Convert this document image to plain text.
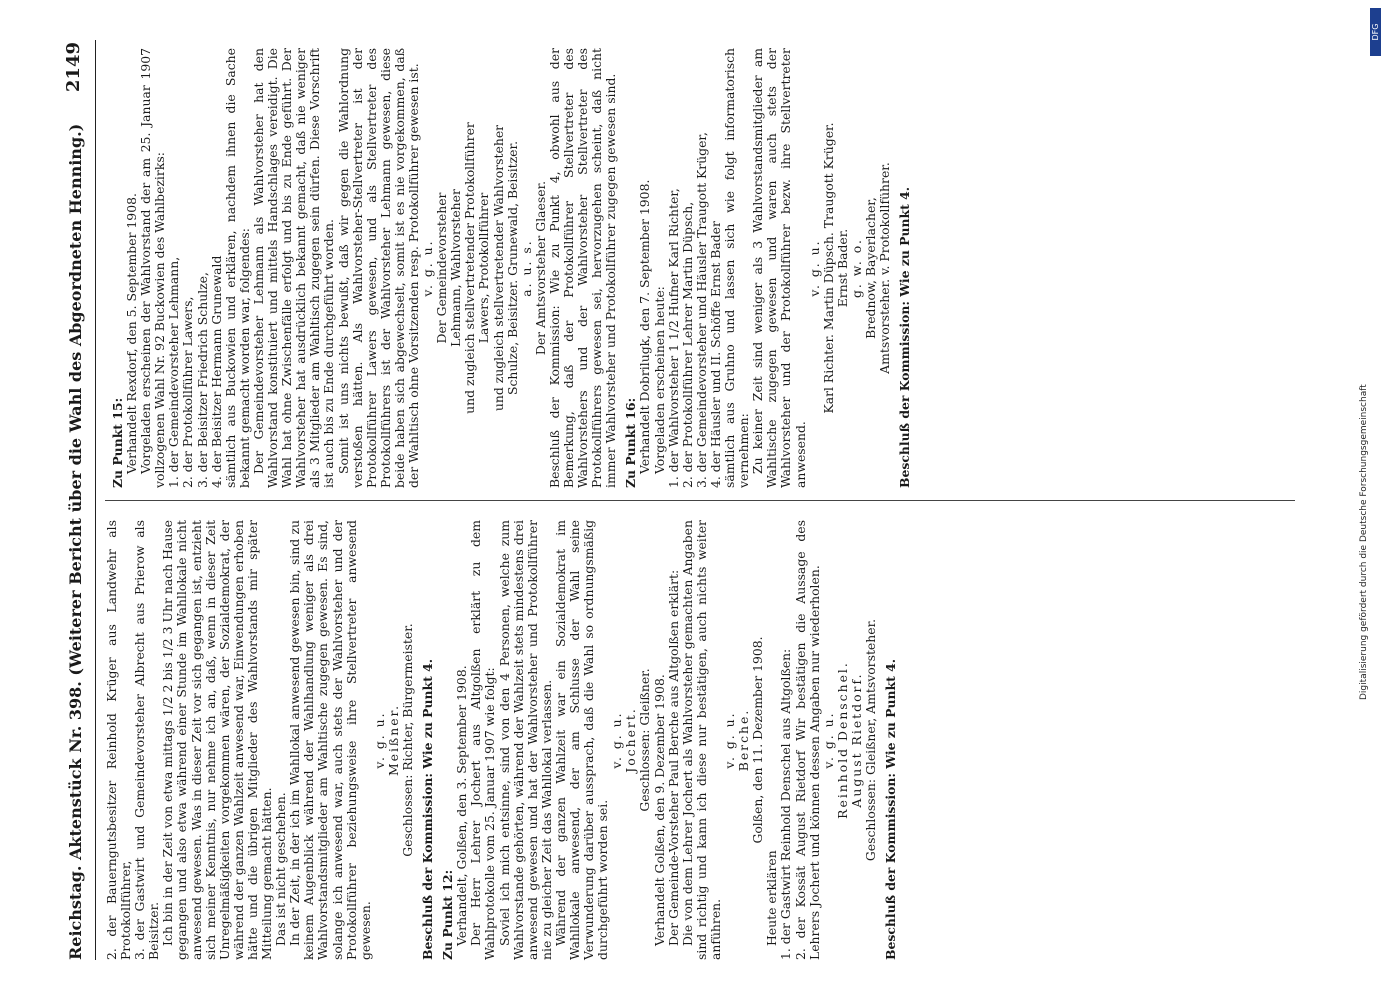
Reichstag. Aktenstück Nr. 398. (Weiterer Bericht über die Wahl des Abgeordneten Henning.)
2149

2. der Bauerngutsbesitzer Reinhold Krüger aus Landwehr als Protokollführer, 3. der Gastwirt und Gemeindevorsteher Albrecht aus Prierow als Beisitzer. Ich bin in der Zeit von etwa mittags 1/2 2 bis 1/2 3 Uhr nach Hause gegangen und also etwa während einer Stunde im Wahllokale nicht anwesend gewesen. Was in dieser Zeit vor sich gegangen ist, entzieht sich meiner Kenntnis, nur nehme ich an, daß, wenn in dieser Zeit Unregelmäßigkeiten vorgekommen wären, der Sozialdemokrat, der während der ganzen Wahlzeit anwesend war, Einwendungen erhoben hätte und die übrigen Mitglieder des Wahlvorstands mir später Mitteilung gemacht hätten. Das ist nicht geschehen. In der Zeit, in der ich im Wahllokal anwesend gewesen bin, sind zu keinem Augenblick während der Wahlhandlung weniger als drei Wahlvorstandsmitglieder am Wahltische zugegen gewesen. Es sind, solange ich anwesend war, auch stets der Wahlvorsteher und der Protokollführer beziehungsweise ihre Stellvertreter anwesend gewesen.

v. g. u. Meißner. Geschlossen: Richter, Bürgermeister. Beschluß der Kommission: Wie zu Punkt 4. Zu Punkt 12: Verhandelt, Golßen, den 3. September 1908. Der Herr Lehrer Jochert aus Altgolßen erklärt zu dem Wahlprotokolle vom 25. Januar 1907 wie folgt: Soviel ich mich entsinne, sind von den 4 Personen, welche zum Wahlvorstande gehörten, während der Wahlzeit stets mindestens drei anwesend gewesen und hat der Wahlvorsteher und Protokollführer nie zu gleicher Zeit das Wahllokal verlassen. Während der ganzen Wahlzeit war ein Sozialdemokrat im Wahllokale anwesend, der am Schlusse der Wahl seine Verwunderung darüber aussprach, daß die Wahl so ordnungsmäßig durchgeführt worden sei.

v. g. u. Jochert. Geschlossen: Gleißner. Verhandelt Golßen, den 9. Dezember 1908. Der Gemeinde-Vorsteher Paul Berche aus Altgolßen erklärt: Die von dem Lehrer Jochert als Wahlvorsteher gemachten Angaben sind richtig und kann ich diese nur bestätigen, auch nichts weiter anführen.

v. g. u. Berche. Golßen, den 11. Dezember 1908.

Heute erklären 1. der Gastwirt Reinhold Denschel aus Altgolßen: 2. der Kossät August Rietdorf Wir bestätigen die Aussage des Lehrers Jochert und können dessen Angaben nur wiederholen. v. g. u. Reinhold Denschel. August Rietdorf. Geschlossen: Gleißner, Amtsvorsteher. Beschluß der Kommission: Wie zu Punkt 4.

Zu Punkt 15: Verhandelt Rexdorf, den 5. September 1908. Vorgeladen erscheinen der Wahlvorstand der am 25. Januar 1907 vollzogenen Wahl Nr. 92 Buckowien des Wahlbezirks: 1. der Gemeindevorsteher Lehmann, 2. der Protokollführer Lawers, 3. der Beisitzer Friedrich Schulze, 4. der Beisitzer Hermann Grunewald sämtlich aus Buckowien und erklären, nachdem ihnen die Sache bekannt gemacht worden war, folgendes: Der Gemeindevorsteher Lehmann als Wahlvorsteher hat den Wahlvorstand konstituiert und mittels Handschlages vereidigt. Die Wahl hat ohne Zwischenfälle erfolgt und bis zu Ende geführt. Der Wahlvorsteher hat ausdrücklich bekannt gemacht, daß nie weniger als 3 Mitglieder am Wahltisch zugegen sein dürfen. Diese Vorschrift ist auch bis zu Ende durchgeführt worden. Somit ist uns nichts bewußt, daß wir gegen die Wahlordnung verstoßen hätten. Als Wahlvorsteher-Stellvertreter ist der Protokollführer Lawers gewesen, und als Stellvertreter des Protokollführers ist der Wahlvorsteher Lehmann gewesen, diese beide haben sich abgewechselt, somit ist es nie vorgekommen, daß der Wahltisch ohne Vorsitzenden resp. Protokollführer gewesen ist. v. g. u. Der Gemeindevorsteher Lehmann, Wahlvorsteher und zugleich stellvertretender Protokollführer Lawers, Protokollführer und zugleich stellvertretender Wahlvorsteher Schulze, Beisitzer. Grunewald, Beisitzer. a. u. s. Der Amtsvorsteher Glaeser. Beschluß der Kommission: Wie zu Punkt 4, obwohl aus der Bemerkung, daß der Protokollführer Stellvertreter des Wahlvorstehers und der Wahlvorsteher Stellvertreter des Protokollführers gewesen sei, hervorzugehen scheint, daß nicht immer Wahlvorsteher und Protokollführer zugegen gewesen sind. Zu Punkt 16: Verhandelt Dobrilugk, den 7. September 1908. Vorgeladen erscheinen heute: 1. der Wahlvorsteher 1 1/2 Hufner Karl Richter, 2. der Protokollführer Lehrer Martin Düpsch, 3. der Gemeindevorsteher und Häusler Traugott Krüger, 4. der Häusler und II. Schöffe Ernst Bader sämtlich aus Gruhno und lassen sich wie folgt informatorisch vernehmen: Zu keiner Zeit sind weniger als 3 Wahlvorstandsmitglieder am Wahltische zugegen gewesen und waren auch stets der Wahlvorsteher und der Protokollführer bezw. ihre Stellvertreter anwesend.

v. g. u. Karl Richter. Martin Düpsch. Traugott Krüger. Ernst Bader. g. w. o. Brednow, Bayerlacher, Amtsvorsteher. v. Protokollführer. Beschluß der Kommission: Wie zu Punkt 4.

DFG
Digitalisierung gefördert durch die Deutsche Forschungsgemeinschaft
